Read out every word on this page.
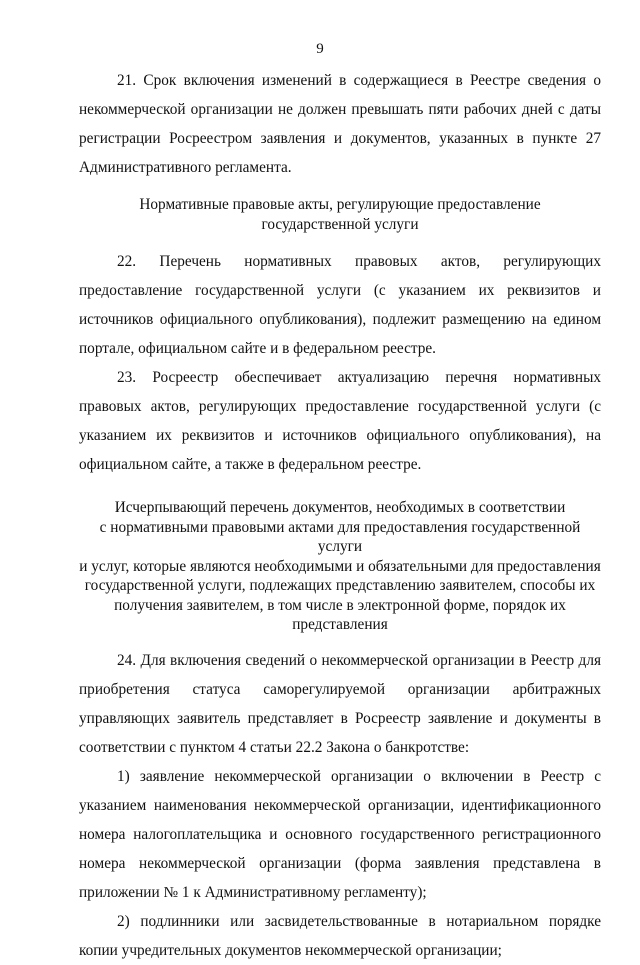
9

21. Срок включения изменений в содержащиеся в Реестре сведения о некоммерческой организации не должен превышать пяти рабочих дней с даты регистрации Росреестром заявления и документов, указанных в пункте 27 Административного регламента.

Нормативные правовые акты, регулирующие предоставление
государственной услуги

22. Перечень нормативных правовых актов, регулирующих предоставление государственной услуги (с указанием их реквизитов и источников официального опубликования), подлежит размещению на едином портале, официальном сайте и в федеральном реестре.

23. Росреестр обеспечивает актуализацию перечня нормативных правовых актов, регулирующих предоставление государственной услуги (с указанием их реквизитов и источников официального опубликования), на официальном сайте, а также в федеральном реестре.

Исчерпывающий перечень документов, необходимых в соответствии
с нормативными правовыми актами для предоставления государственной услуги
и услуг, которые являются необходимыми и обязательными для предоставления
государственной услуги, подлежащих представлению заявителем, способы их
получения заявителем, в том числе в электронной форме, порядок их
представления

24. Для включения сведений о некоммерческой организации в Реестр для приобретения статуса саморегулируемой организации арбитражных управляющих заявитель представляет в Росреестр заявление и документы в соответствии с пунктом 4 статьи 22.2 Закона о банкротстве:

1) заявление некоммерческой организации о включении в Реестр с указанием наименования некоммерческой организации, идентификационного номера налогоплательщика и основного государственного регистрационного номера некоммерческой организации (форма заявления представлена в приложении № 1 к Административному регламенту);

2) подлинники или засвидетельствованные в нотариальном порядке копии учредительных документов некоммерческой организации;
